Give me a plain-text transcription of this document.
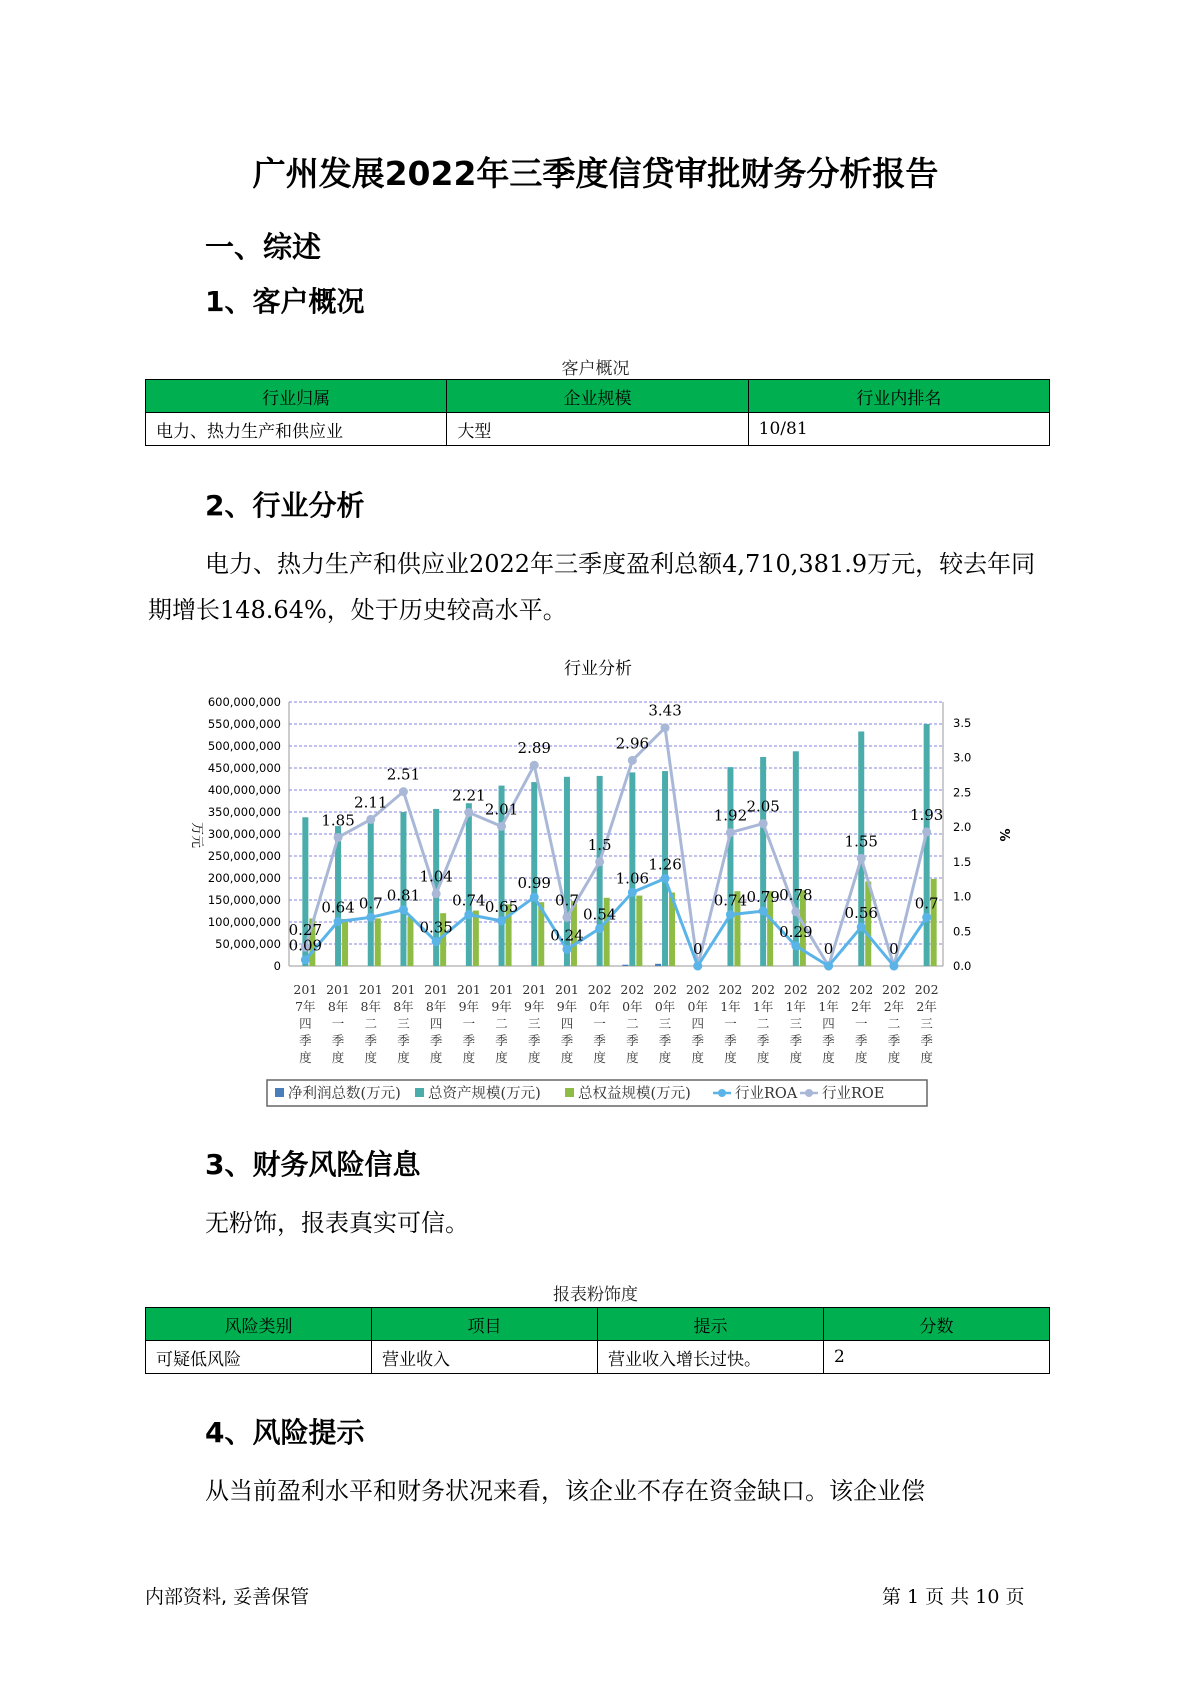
广州发展2022年三季度信贷审批财务分析报告
一、综述
1、客户概况
客户概况
行业归属	企业规模	行业内排名
电力、热力生产和供应业	大型	10/81
2、行业分析
电力、热力生产和供应业2022年三季度盈利总额4,710,381.9万元，较去年同期增长148.64%，处于历史较高水平。
行业分析
600,000,000
550,000,000
500,000,000
450,000,000
400,000,000
350,000,000
300,000,000
250,000,000
200,000,000
150,000,000
100,000,000
50,000,000
0
3.5
3.0
2.5
2.0
1.5
1.0
0.5
0.0
万元	%
0.27
1.85
2.11
2.51
1.04
2.21
2.01
2.89
0.7
1.5
2.96
3.43
0
1.92
2.05
0.78
0
1.55
0
1.93
0.09
0.64 0.7 0.81
0.35
0.74 0.65
0.99
0.24
0.54
1.06
1.26
0.74 0.79
0.29
0.56
0.7
201
7年
四
季
度
201
8年
一
季
度
201
8年
二
季
度
201
8年
三
季
度
201
8年
四
季
度
201
9年
一
季
度
201
9年
二
季
度
201
9年
三
季
度
201
9年
四
季
度
202
0年
一
季
度
202
0年
二
季
度
202
0年
三
季
度
202
0年
四
季
度
202
1年
一
季
度
202
1年
二
季
度
202
1年
三
季
度
202
1年
四
季
度
202
2年
一
季
度
202
2年
二
季
度
202
2年
三
季
度
净利润总数(万元) 总资产规模(万元)	总权益规模(万元)	行业ROA 行业ROE
3、财务风险信息
无粉饰，报表真实可信。
报表粉饰度
风险类别	项目	提示	分数
可疑低风险	营业收入	营业收入增长过快。	2
4、风险提示
从当前盈利水平和财务状况来看，该企业不存在资金缺口。该企业偿
内部资料, 妥善保管	第 1 页 共 10 页
